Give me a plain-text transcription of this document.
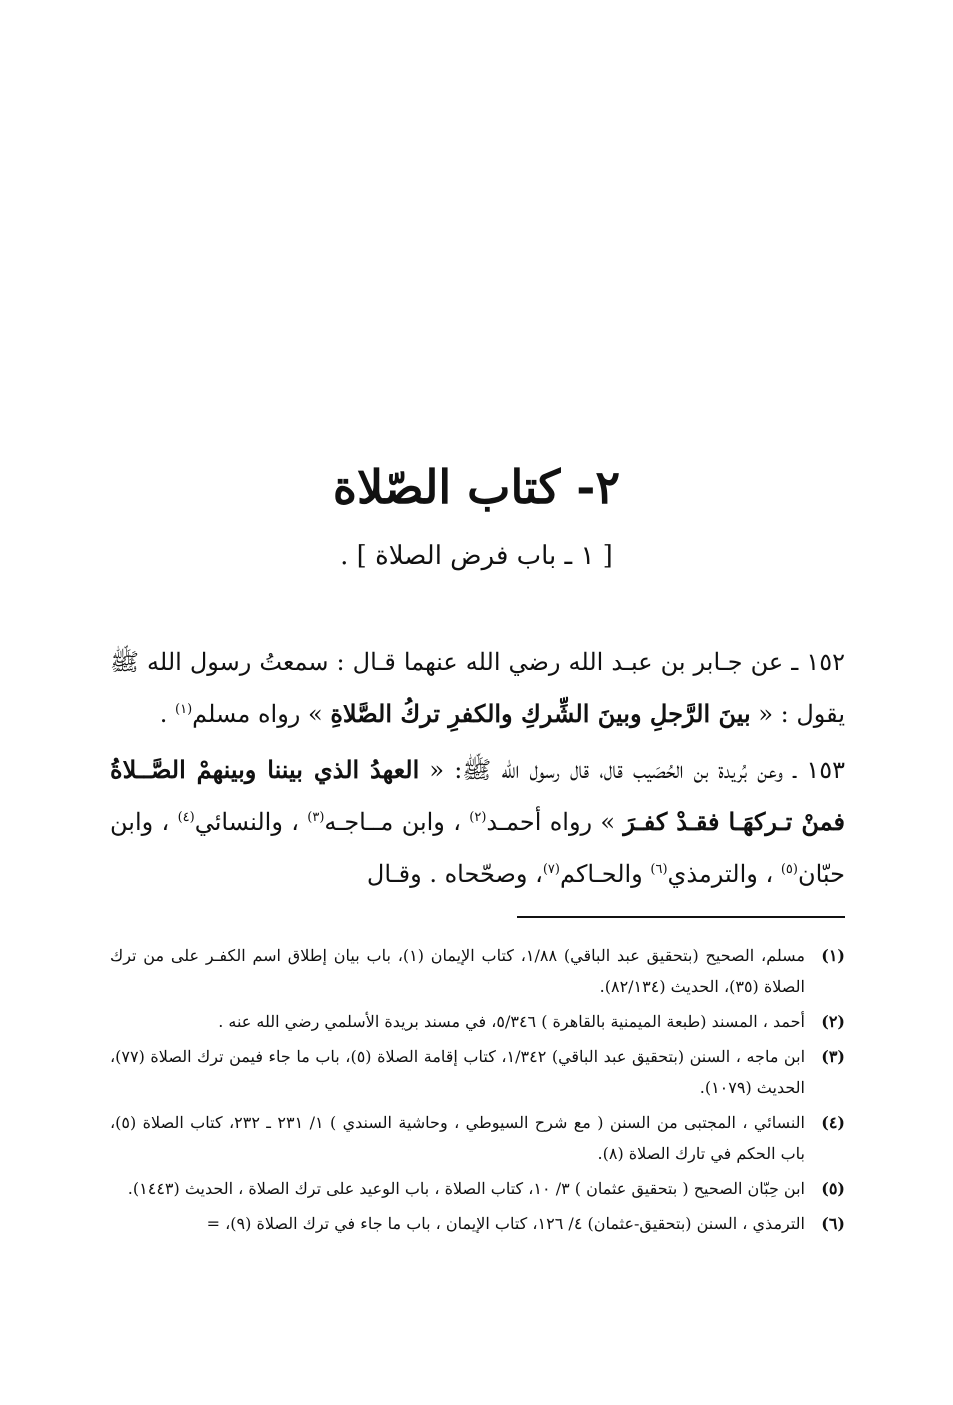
٢- كتاب الصّلاة
[ ١ ـ باب فرض الصلاة ] .
١٥٢ ـ عن جـابر بن عبـد الله رضي الله عنهما قـال : سمعتُ رسول الله ﷺ يقول : « بينَ الرَّجلِ وبينَ الشِّركِ والكفرِ تركُ الصَّلاةِ » رواه مسلم$^{(١)}$ .
١٥٣ ـ وعن بُريدة بن الحُصَيب قال، قال رسول الله ﷺ: « العهدُ الذي بيننا وبينهمْ الصَّــلاةُ فمنْ تـركهَـا فقـدْ كفـرَ » رواه أحمـد$^{(٢)}$ ، وابن مــاجـه$^{(٣)}$ ، والنسائي$^{(٤)}$ ، وابن حبّان$^{(٥)}$ ، والترمذي$^{(٦)}$ والحـاكم$^{(٧)}$، وصحّحاه . وقـال
(١)
مسلم، الصحيح (بتحقيق عبد الباقي) ١/٨٨، كتاب الإيمان (١)، باب بيان إطلاق اسم الكفـر على من ترك الصلاة (٣٥)، الحديث (٨٢/١٣٤).
(٢)
أحمد ، المسند (طبعة الميمنية بالقاهرة ) ٥/٣٤٦، في مسند بريدة الأسلمي رضي الله عنه .
(٣)
ابن ماجه ، السنن (بتحقيق عبد الباقي) ١/٣٤٢، كتاب إقامة الصلاة (٥)، باب ما جاء فيمن ترك الصلاة (٧٧)، الحديث (١٠٧٩).
(٤)
النسائي ، المجتبى من السنن ( مع شرح السيوطي ، وحاشية السندي ) ١/ ٢٣١ ـ ٢٣٢، كتاب الصلاة (٥)، باب الحكم في تارك الصلاة (٨).
(٥)
ابن حِبّان الصحيح ( بتحقيق عثمان ) ٣/ ١٠، كتاب الصلاة ، باب الوعيد على ترك الصلاة ، الحديث (١٤٤٣).
(٦)
الترمذي ، السنن (بتحقيق-عثمان) ٤/ ١٢٦، كتاب الإيمان ، باب ما جاء في ترك الصلاة (٩)، =
